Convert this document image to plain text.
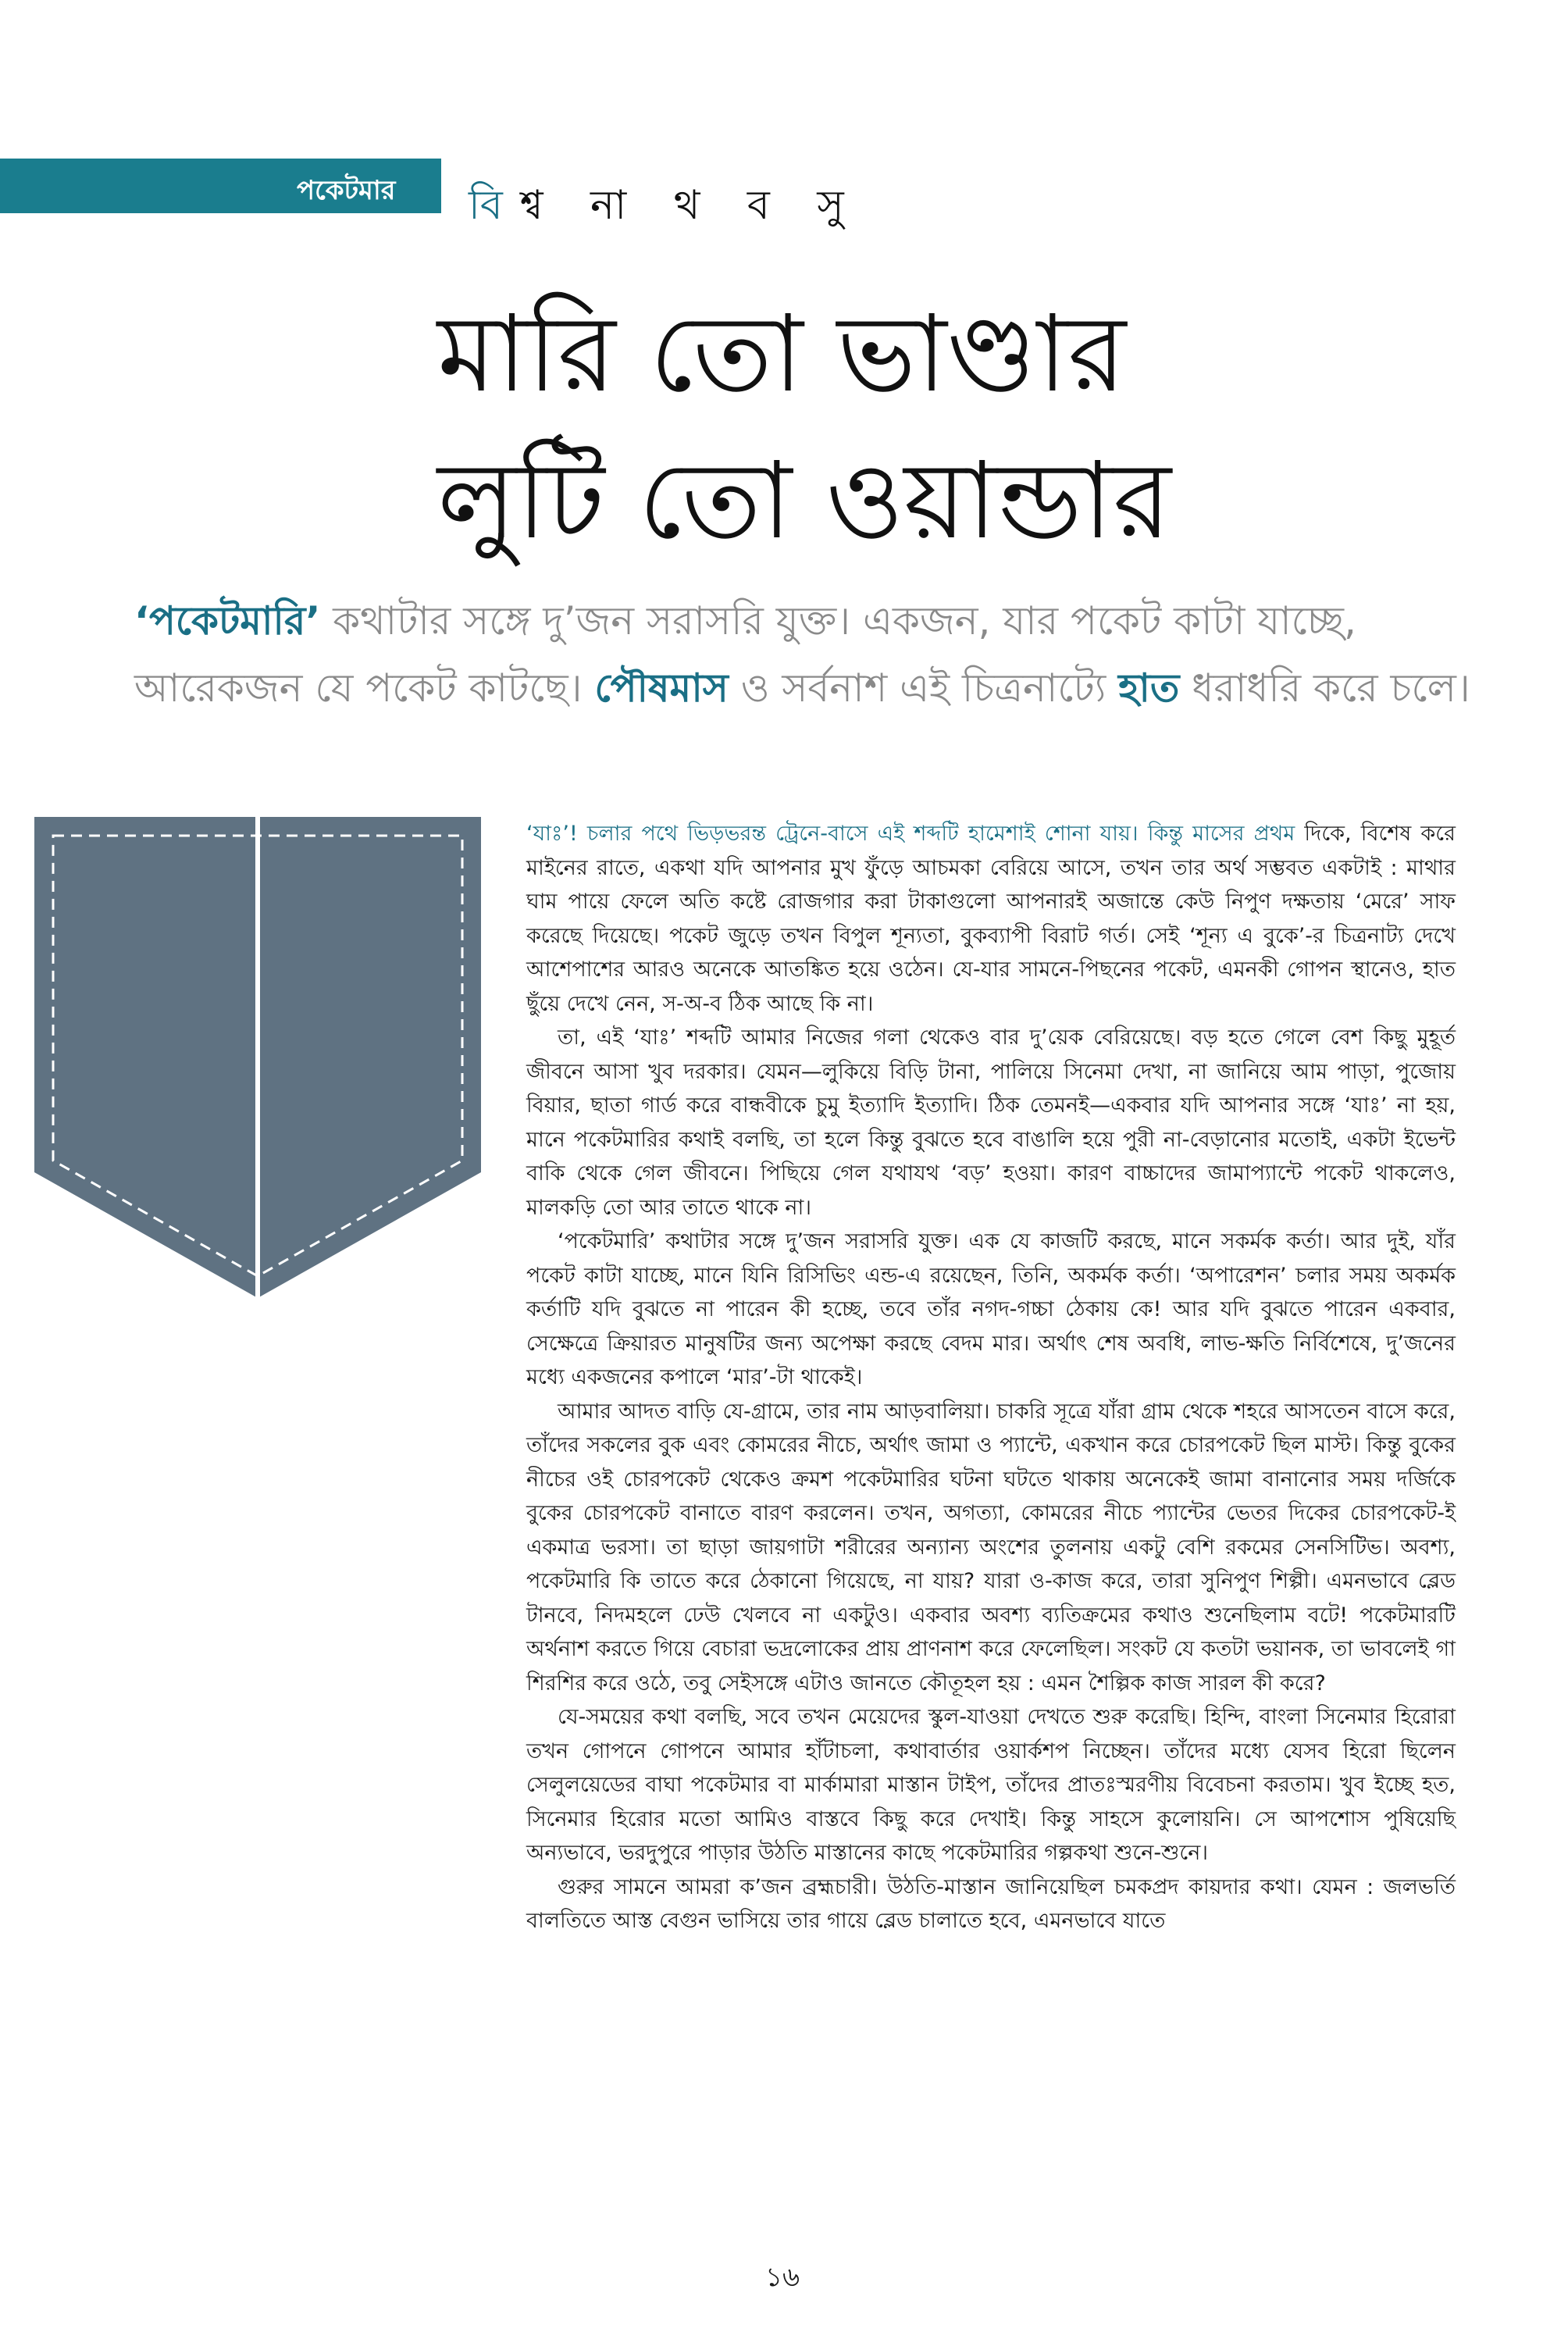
পকেটমার বিশ্ব না থ ব সু
মারি তো ভাণ্ডার
লুটি তো ওয়ান্ডার

‘পকেটমারি’ কথাটার সঙ্গে দু’জন সরাসরি যুক্ত। একজন, যার পকেট কাটা যাচ্ছে, আরেকজন যে পকেট কাটছে। পৌষমাস ও সর্বনাশ এই চিত্রনাট্যে হাত ধরাধরি করে চলে।

‘যাঃ’! চলার পথে ভিড়ভরন্ত ট্রেনে-বাসে এই শব্দটি হামেশাই শোনা যায়। কিন্তু মাসের প্রথম দিকে, বিশেষ করে মাইনের রাতে, একথা যদি আপনার মুখ ফুঁড়ে আচমকা বেরিয়ে আসে, তখন তার অর্থ সম্ভবত একটাই : মাথার ঘাম পায়ে ফেলে অতি কষ্টে রোজগার করা টাকাগুলো আপনারই অজান্তে কেউ নিপুণ দক্ষতায় ‘মেরে’ সাফ করেছে দিয়েছে। পকেট জুড়ে তখন বিপুল শূন্যতা, বুকব্যাপী বিরাট গর্ত। সেই ‘শূন্য এ বুকে’-র চিত্রনাট্য দেখে আশেপাশের আরও অনেকে আতঙ্কিত হয়ে ওঠেন। যে-যার সামনে-পিছনের পকেট, এমনকী গোপন স্থানেও, হাত ছুঁয়ে দেখে নেন, স-অ-ব ঠিক আছে কি না।

তা, এই ‘যাঃ’ শব্দটি আমার নিজের গলা থেকেও বার দু’য়েক বেরিয়েছে। বড় হতে গেলে বেশ কিছু মুহূর্ত জীবনে আসা খুব দরকার। যেমন—লুকিয়ে বিড়ি টানা, পালিয়ে সিনেমা দেখা, না জানিয়ে আম পাড়া, পুজোয় বিয়ার, ছাতা গার্ড করে বান্ধবীকে চুমু ইত্যাদি ইত্যাদি। ঠিক তেমনই—একবার যদি আপনার সঙ্গে ‘যাঃ’ না হয়, মানে পকেটমারির কথাই বলছি, তা হলে কিন্তু বুঝতে হবে বাঙালি হয়ে পুরী না-বেড়ানোর মতোই, একটা ইভেন্ট বাকি থেকে গেল জীবনে। পিছিয়ে গেল যথাযথ ‘বড়’ হওয়া। কারণ বাচ্চাদের জামাপ্যান্টে পকেট থাকলেও, মালকড়ি তো আর তাতে থাকে না।

‘পকেটমারি’ কথাটার সঙ্গে দু’জন সরাসরি যুক্ত। এক যে কাজটি করছে, মানে সকর্মক কর্তা। আর দুই, যাঁর পকেট কাটা যাচ্ছে, মানে যিনি রিসিভিং এন্ড-এ রয়েছেন, তিনি, অকর্মক কর্তা। ‘অপারেশন’ চলার সময় অকর্মক কর্তাটি যদি বুঝতে না পারেন কী হচ্ছে, তবে তাঁর নগদ-গচ্চা ঠেকায় কে! আর যদি বুঝতে পারেন একবার, সেক্ষেত্রে ক্রিয়ারত মানুষটির জন্য অপেক্ষা করছে বেদম মার। অর্থাৎ শেষ অবধি, লাভ-ক্ষতি নির্বিশেষে, দু’জনের মধ্যে একজনের কপালে ‘মার’-টা থাকেই।

আমার আদত বাড়ি যে-গ্রামে, তার নাম আড়বালিয়া। চাকরি সূত্রে যাঁরা গ্রাম থেকে শহরে আসতেন বাসে করে, তাঁদের সকলের বুক এবং কোমরের নীচে, অর্থাৎ জামা ও প্যান্টে, একখান করে চোরপকেট ছিল মাস্ট। কিন্তু বুকের নীচের ওই চোরপকেট থেকেও ক্রমশ পকেটমারির ঘটনা ঘটতে থাকায় অনেকেই জামা বানানোর সময় দর্জিকে বুকের চোরপকেট বানাতে বারণ করলেন। তখন, অগত্যা, কোমরের নীচে প্যান্টের ভেতর দিকের চোরপকেট-ই একমাত্র ভরসা। তা ছাড়া জায়গাটা শরীরের অন্যান্য অংশের তুলনায় একটু বেশি রকমের সেনসিটিভ। অবশ্য, পকেটমারি কি তাতে করে ঠেকানো গিয়েছে, না যায়? যারা ও-কাজ করে, তারা সুনিপুণ শিল্পী। এমনভাবে ব্লেড টানবে, নিদমহলে ঢেউ খেলবে না একটুও। একবার অবশ্য ব্যতিক্রমের কথাও শুনেছিলাম বটে! পকেটমারটি অর্থনাশ করতে গিয়ে বেচারা ভদ্রলোকের প্রায় প্রাণনাশ করে ফেলেছিল। সংকট যে কতটা ভয়ানক, তা ভাবলেই গা শিরশির করে ওঠে, তবু সেইসঙ্গে এটাও জানতে কৌতূহল হয় : এমন শৈল্পিক কাজ সারল কী করে?

যে-সময়ের কথা বলছি, সবে তখন মেয়েদের স্কুল-যাওয়া দেখতে শুরু করেছি। হিন্দি, বাংলা সিনেমার হিরোরা তখন গোপনে গোপনে আমার হাঁটাচলা, কথাবার্তার ওয়ার্কশপ নিচ্ছেন। তাঁদের মধ্যে যেসব হিরো ছিলেন সেলুলয়েডের বাঘা পকেটমার বা মার্কামারা মাস্তান টাইপ, তাঁদের প্রাতঃস্মরণীয় বিবেচনা করতাম। খুব ইচ্ছে হত, সিনেমার হিরোর মতো আমিও বাস্তবে কিছু করে দেখাই। কিন্তু সাহসে কুলোয়নি। সে আপশোস পুষিয়েছি অন্যভাবে, ভরদুপুরে পাড়ার উঠতি মাস্তানের কাছে পকেটমারির গল্পকথা শুনে-শুনে।

গুরুর সামনে আমরা ক’জন ব্রহ্মচারী। উঠতি-মাস্তান জানিয়েছিল চমকপ্রদ কায়দার কথা। যেমন : জলভর্তি বালতিতে আস্ত বেগুন ভাসিয়ে তার গায়ে ব্লেড চালাতে হবে, এমনভাবে যাতে

১৬
